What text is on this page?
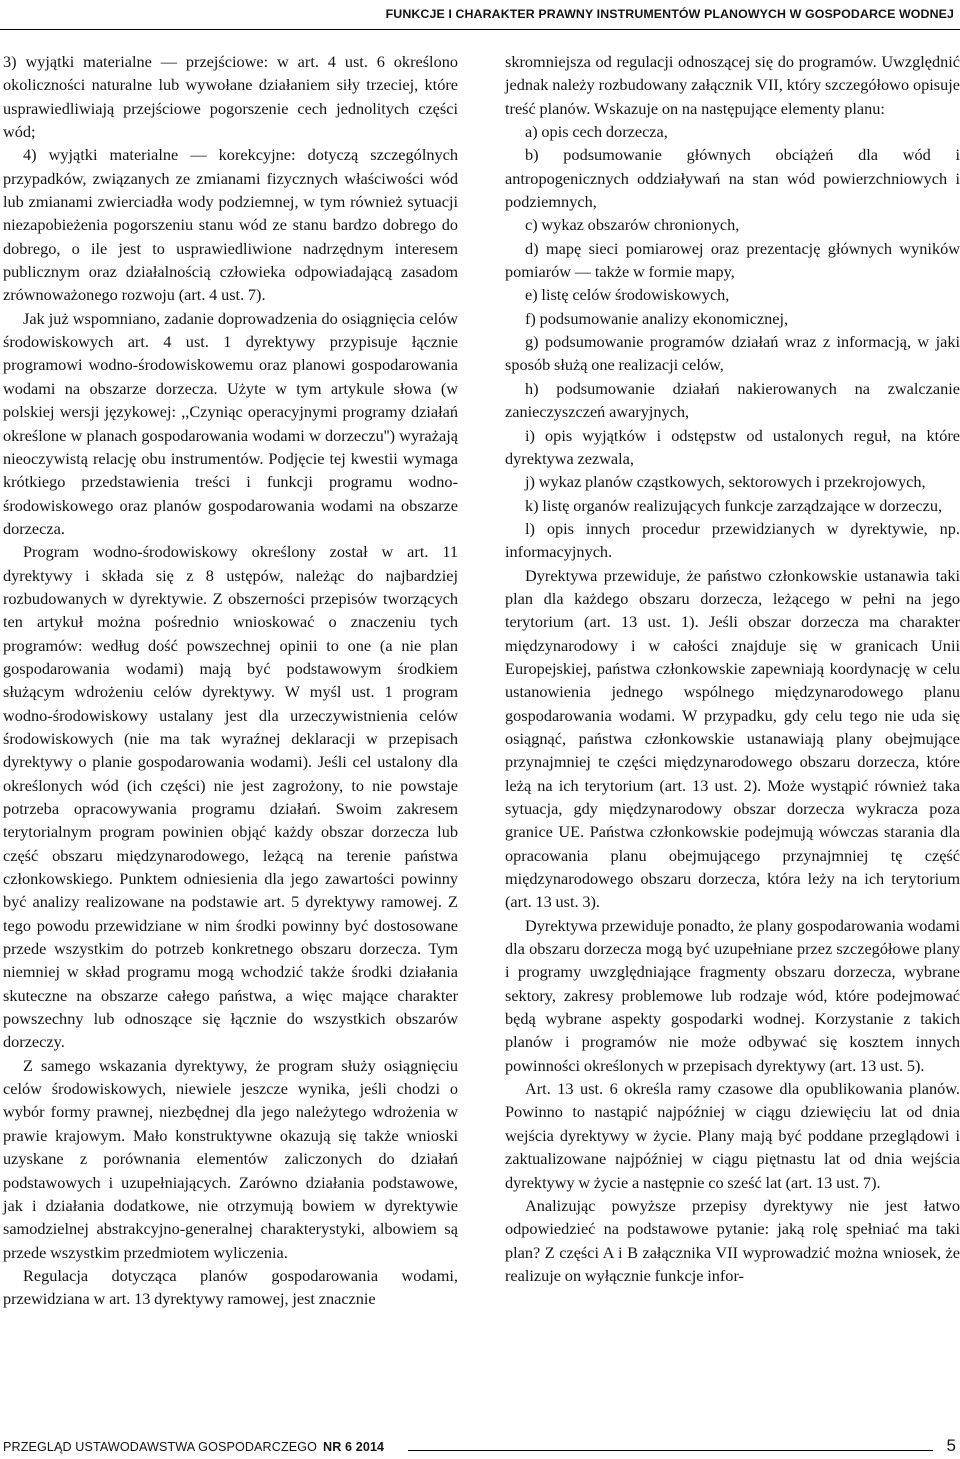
FUNKCJE I CHARAKTER PRAWNY INSTRUMENTÓW PLANOWYCH W GOSPODARCE WODNEJ

3) wyjątki materialne — przejściowe: w art. 4 ust. 6 określono okoliczności naturalne lub wywołane działaniem siły trzeciej, które usprawiedliwiają przejściowe pogorszenie cech jednolitych części wód;

4) wyjątki materialne — korekcyjne: dotyczą szczególnych przypadków, związanych ze zmianami fizycznych właściwości wód lub zmianami zwierciadła wody podziemnej, w tym również sytuacji niezapobieżenia pogorszeniu stanu wód ze stanu bardzo dobrego do dobrego, o ile jest to usprawiedliwione nadrzędnym interesem publicznym oraz działalnością człowieka odpowiadającą zasadom zrównoważonego rozwoju (art. 4 ust. 7).

Jak już wspomniano, zadanie doprowadzenia do osiągnięcia celów środowiskowych art. 4 ust. 1 dyrektywy przypisuje łącznie programowi wodno-środowiskowemu oraz planowi gospodarowania wodami na obszarze dorzecza. Użyte w tym artykule słowa (w polskiej wersji językowej: ,,Czyniąc operacyjnymi programy działań określone w planach gospodarowania wodami w dorzeczu'') wyrażają nieoczywistą relację obu instrumentów. Podjęcie tej kwestii wymaga krótkiego przedstawienia treści i funkcji programu wodno-środowiskowego oraz planów gospodarowania wodami na obszarze dorzecza.

Program wodno-środowiskowy określony został w art. 11 dyrektywy i składa się z 8 ustępów, należąc do najbardziej rozbudowanych w dyrektywie. Z obszerności przepisów tworzących ten artykuł można pośrednio wnioskować o znaczeniu tych programów: według dość powszechnej opinii to one (a nie plan gospodarowania wodami) mają być podstawowym środkiem służącym wdrożeniu celów dyrektywy. W myśl ust. 1 program wodno-środowiskowy ustalany jest dla urzeczywistnienia celów środowiskowych (nie ma tak wyraźnej deklaracji w przepisach dyrektywy o planie gospodarowania wodami). Jeśli cel ustalony dla określonych wód (ich części) nie jest zagrożony, to nie powstaje potrzeba opracowywania programu działań. Swoim zakresem terytorialnym program powinien objąć każdy obszar dorzecza lub część obszaru międzynarodowego, leżącą na terenie państwa członkowskiego. Punktem odniesienia dla jego zawartości powinny być analizy realizowane na podstawie art. 5 dyrektywy ramowej. Z tego powodu przewidziane w nim środki powinny być dostosowane przede wszystkim do potrzeb konkretnego obszaru dorzecza. Tym niemniej w skład programu mogą wchodzić także środki działania skuteczne na obszarze całego państwa, a więc mające charakter powszechny lub odnoszące się łącznie do wszystkich obszarów dorzeczy.

Z samego wskazania dyrektywy, że program służy osiągnięciu celów środowiskowych, niewiele jeszcze wynika, jeśli chodzi o wybór formy prawnej, niezbędnej dla jego należytego wdrożenia w prawie krajowym. Mało konstruktywne okazują się także wnioski uzyskane z porównania elementów zaliczonych do działań podstawowych i uzupełniających. Zarówno działania podstawowe, jak i działania dodatkowe, nie otrzymują bowiem w dyrektywie samodzielnej abstrakcyjno-generalnej charakterystyki, albowiem są przede wszystkim przedmiotem wyliczenia.

Regulacja dotycząca planów gospodarowania wodami, przewidziana w art. 13 dyrektywy ramowej, jest znacznie

skromniejsza od regulacji odnoszącej się do programów. Uwzględnić jednak należy rozbudowany załącznik VII, który szczegółowo opisuje treść planów. Wskazuje on na następujące elementy planu:

a) opis cech dorzecza,

b) podsumowanie głównych obciążeń dla wód i antropogenicznych oddziaływań na stan wód powierzchniowych i podziemnych,

c) wykaz obszarów chronionych,

d) mapę sieci pomiarowej oraz prezentację głównych wyników pomiarów — także w formie mapy,

e) listę celów środowiskowych,

f) podsumowanie analizy ekonomicznej,

g) podsumowanie programów działań wraz z informacją, w jaki sposób służą one realizacji celów,

h) podsumowanie działań nakierowanych na zwalczanie zanieczyszczeń awaryjnych,

i) opis wyjątków i odstępstw od ustalonych reguł, na które dyrektywa zezwala,

j) wykaz planów cząstkowych, sektorowych i przekrojowych,

k) listę organów realizujących funkcje zarządzające w dorzeczu,

l) opis innych procedur przewidzianych w dyrektywie, np. informacyjnych.

Dyrektywa przewiduje, że państwo członkowskie ustanawia taki plan dla każdego obszaru dorzecza, leżącego w pełni na jego terytorium (art. 13 ust. 1). Jeśli obszar dorzecza ma charakter międzynarodowy i w całości znajduje się w granicach Unii Europejskiej, państwa członkowskie zapewniają koordynację w celu ustanowienia jednego wspólnego międzynarodowego planu gospodarowania wodami. W przypadku, gdy celu tego nie uda się osiągnąć, państwa członkowskie ustanawiają plany obejmujące przynajmniej te części międzynarodowego obszaru dorzecza, które leżą na ich terytorium (art. 13 ust. 2). Może wystąpić również taka sytuacja, gdy międzynarodowy obszar dorzecza wykracza poza granice UE. Państwa członkowskie podejmują wówczas starania dla opracowania planu obejmującego przynajmniej tę część międzynarodowego obszaru dorzecza, która leży na ich terytorium (art. 13 ust. 3).

Dyrektywa przewiduje ponadto, że plany gospodarowania wodami dla obszaru dorzecza mogą być uzupełniane przez szczegółowe plany i programy uwzględniające fragmenty obszaru dorzecza, wybrane sektory, zakresy problemowe lub rodzaje wód, które podejmować będą wybrane aspekty gospodarki wodnej. Korzystanie z takich planów i programów nie może odbywać się kosztem innych powinności określonych w przepisach dyrektywy (art. 13 ust. 5).

Art. 13 ust. 6 określa ramy czasowe dla opublikowania planów. Powinno to nastąpić najpóźniej w ciągu dziewięciu lat od dnia wejścia dyrektywy w życie. Plany mają być poddane przeglądowi i zaktualizowane najpóźniej w ciągu piętnastu lat od dnia wejścia dyrektywy w życie a następnie co sześć lat (art. 13 ust. 7).

Analizując powyższe przepisy dyrektywy nie jest łatwo odpowiedzieć na podstawowe pytanie: jaką rolę spełniać ma taki plan? Z części A i B załącznika VII wyprowadzić można wniosek, że realizuje on wyłącznie funkcje infor-

PRZEGLĄD USTAWODAWSTWA GOSPODARCZEGO NR 6 2014	5
